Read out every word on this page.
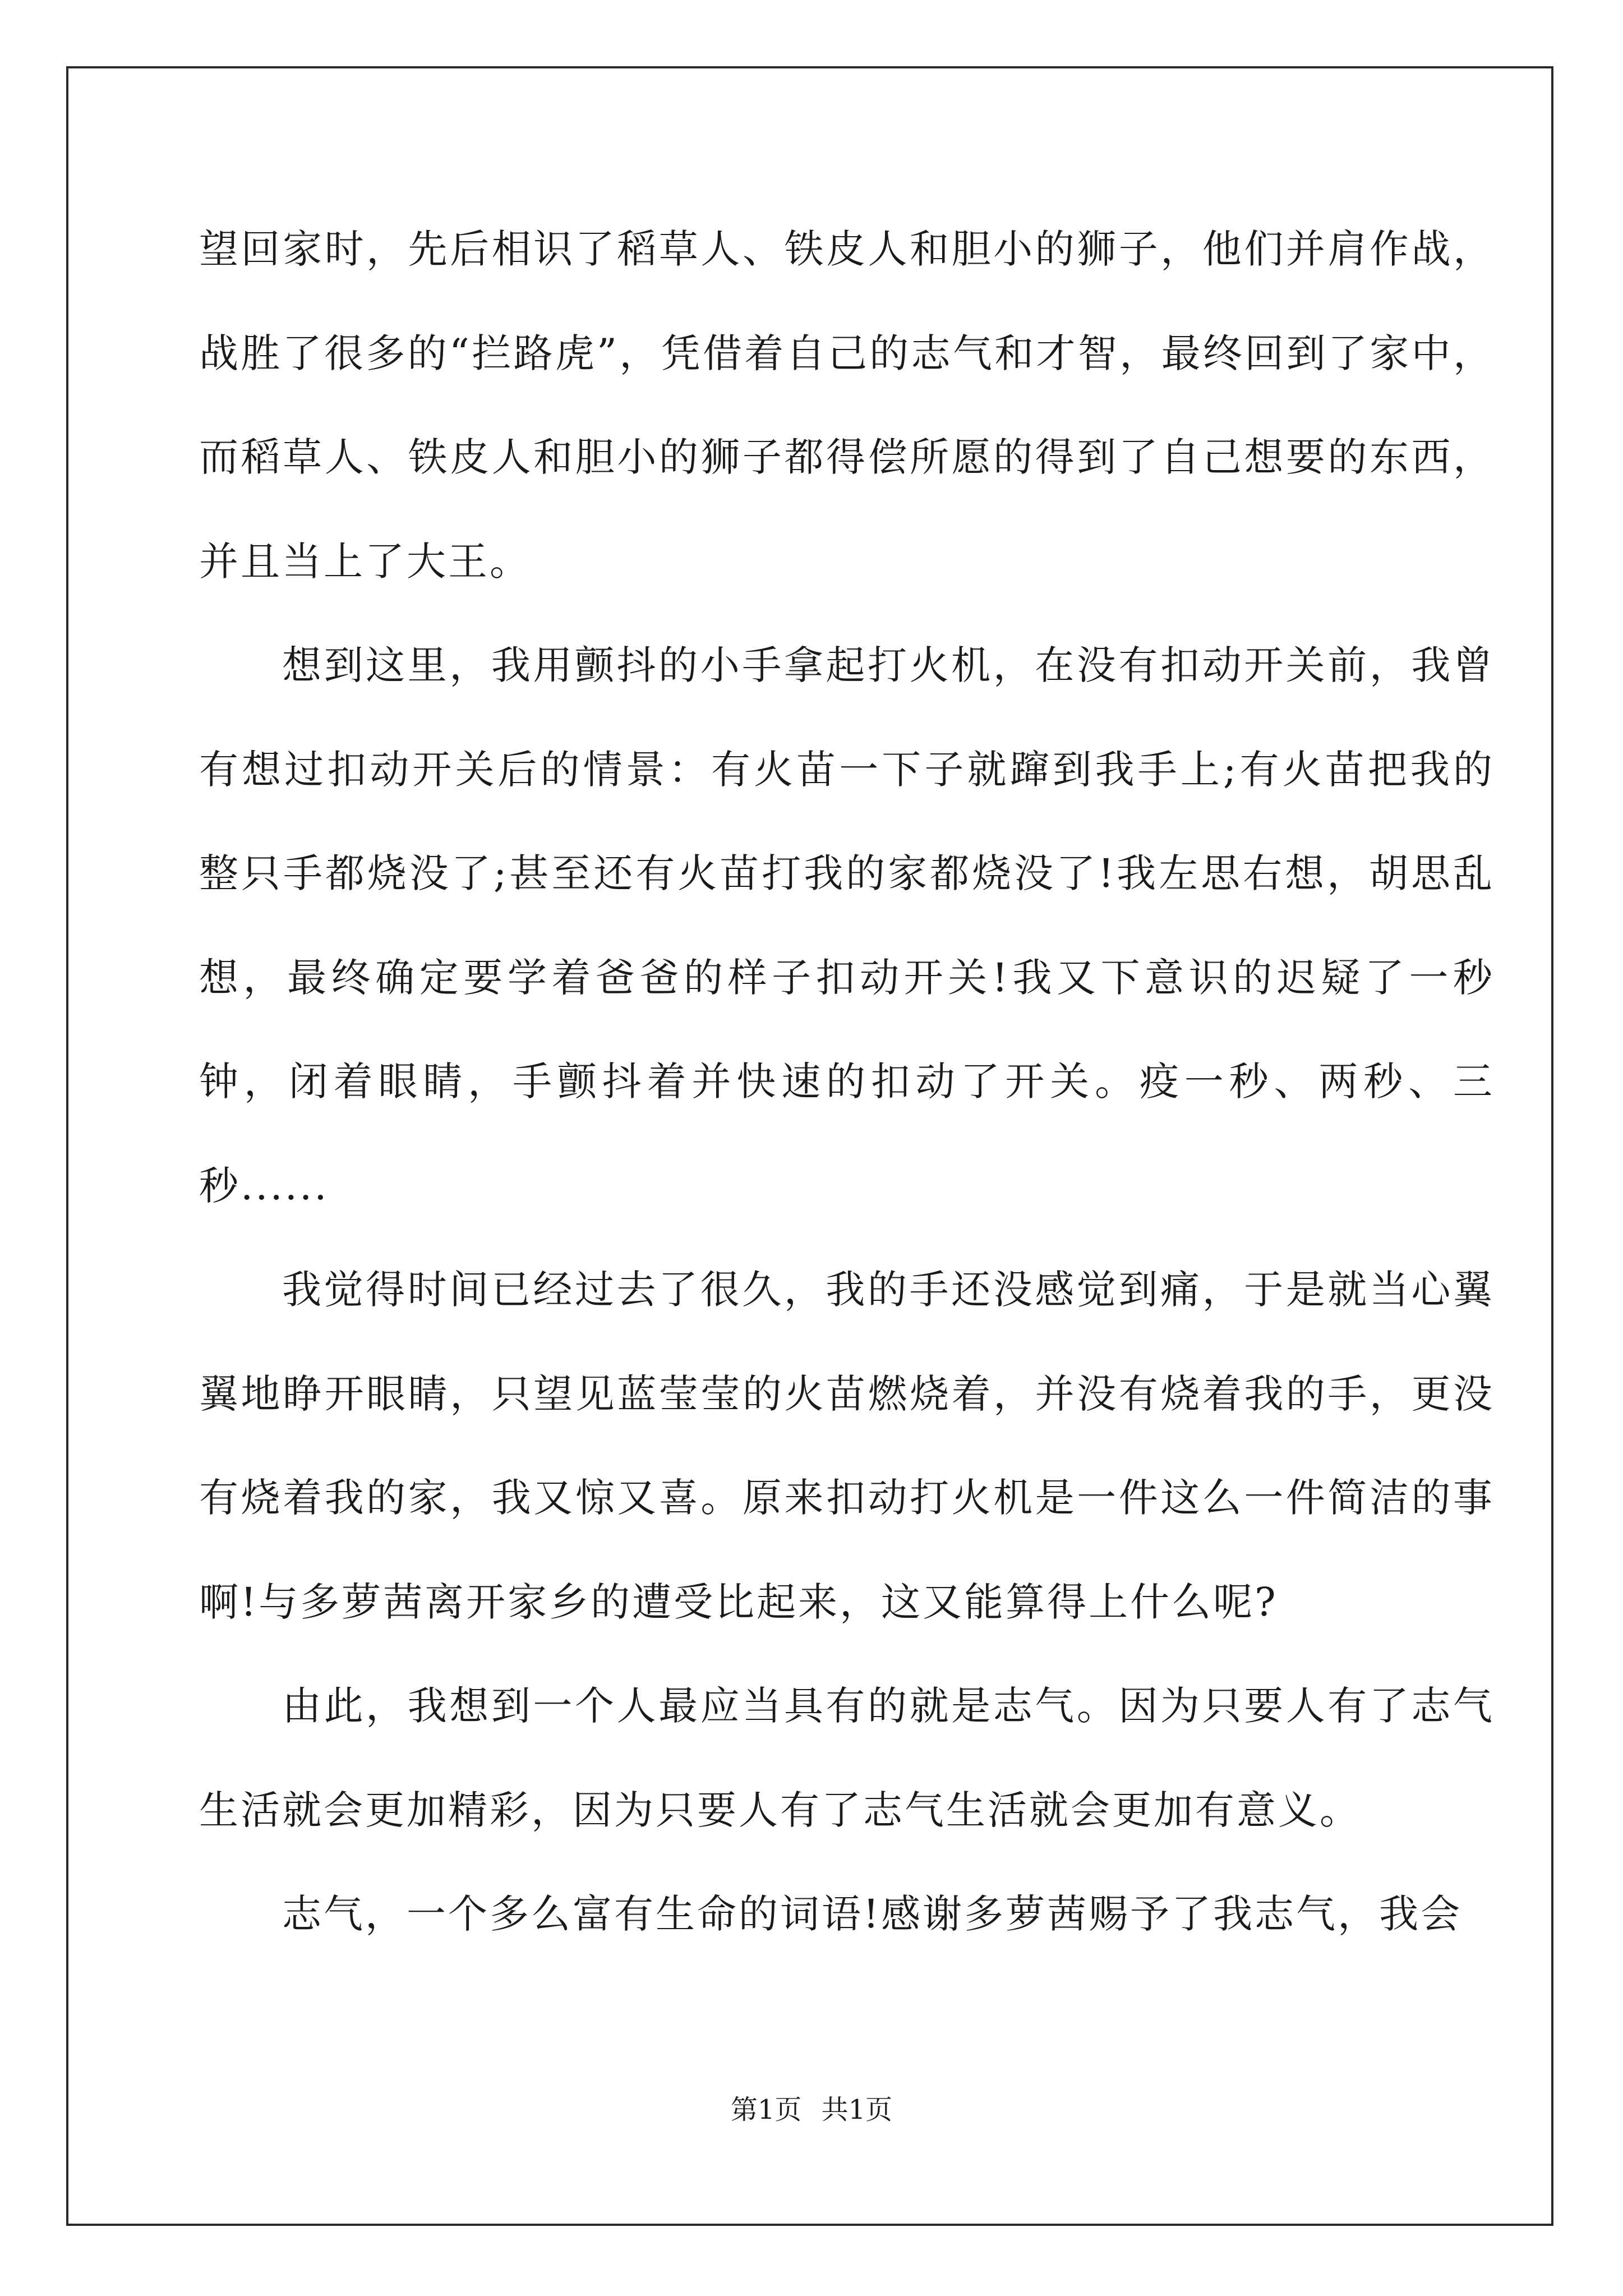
望回家时，先后相识了稻草人、铁皮人和胆小的狮子，他们并肩作战，战胜了很多的“拦路虎”，凭借着自己的志气和才智，最终回到了家中，而稻草人、铁皮人和胆小的狮子都得偿所愿的得到了自己想要的东西，并且当上了大王。

想到这里，我用颤抖的小手拿起打火机，在没有扣动开关前，我曾有想过扣动开关后的情景：有火苗一下子就蹿到我手上;有火苗把我的整只手都烧没了;甚至还有火苗打我的家都烧没了!我左思右想，胡思乱想，最终确定要学着爸爸的样子扣动开关!我又下意识的迟疑了一秒钟，闭着眼睛，手颤抖着并快速的扣动了开关。疫一秒、两秒、三秒......

我觉得时间已经过去了很久，我的手还没感觉到痛，于是就当心翼翼地睁开眼睛，只望见蓝莹莹的火苗燃烧着，并没有烧着我的手，更没有烧着我的家，我又惊又喜。原来扣动打火机是一件这么一件简洁的事啊!与多萝茜离开家乡的遭受比起来，这又能算得上什么呢?

由此，我想到一个人最应当具有的就是志气。因为只要人有了志气生活就会更加精彩，因为只要人有了志气生活就会更加有意义。

志气，一个多么富有生命的词语!感谢多萝茜赐予了我志气，我会

第1页 共1页
